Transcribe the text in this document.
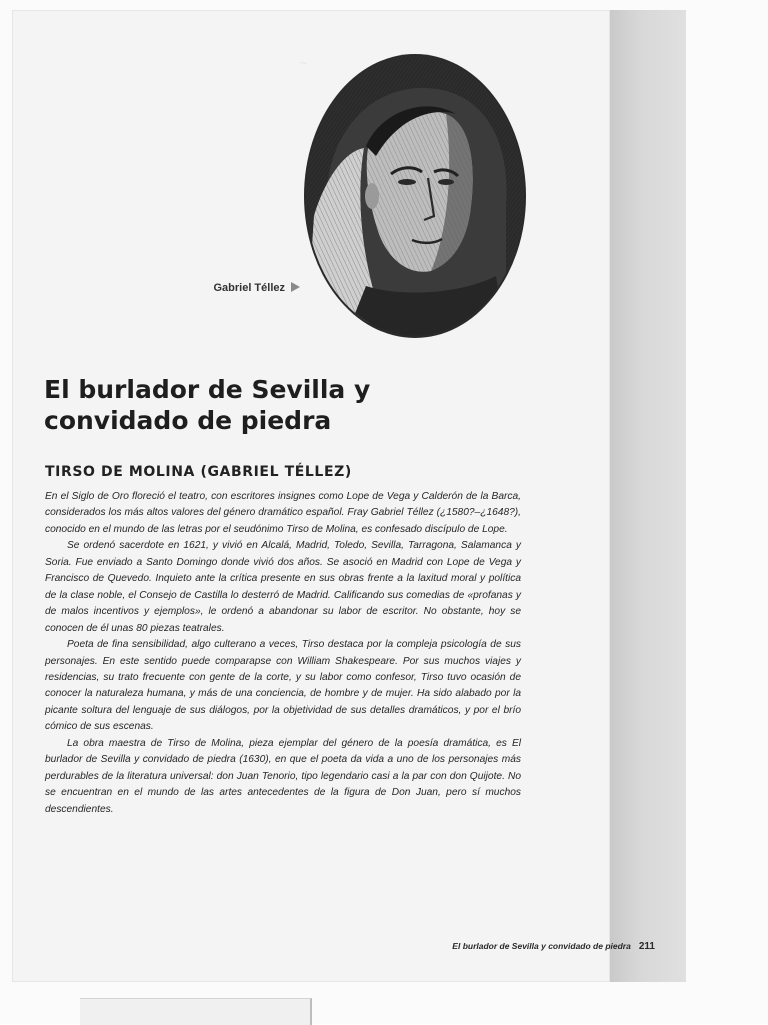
~
Gabriel Téllez
El burlador de Sevilla y
convidado de piedra
TIRSO DE MOLINA (GABRIEL TÉLLEZ)

En el Siglo de Oro floreció el teatro, con escritores insignes como Lope de Vega y Calderón de la Barca, considerados los más altos valores del género dramático español. Fray Gabriel Téllez (¿1580?–¿1648?), conocido en el mundo de las letras por el seudónimo Tirso de Molina, es confesado discípulo de Lope.

Se ordenó sacerdote en 1621, y vivió en Alcalá, Madrid, Toledo, Sevilla, Tarragona, Salamanca y Soria. Fue enviado a Santo Domingo donde vivió dos años. Se asoció en Madrid con Lope de Vega y Francisco de Quevedo. Inquieto ante la crítica presente en sus obras frente a la laxitud moral y política de la clase noble, el Consejo de Castilla lo desterró de Madrid. Calificando sus comedias de «profanas y de malos incentivos y ejemplos», le ordenó a abandonar su labor de escritor. No obstante, hoy se conocen de él unas 80 piezas teatrales.

Poeta de fina sensibilidad, algo culterano a veces, Tirso destaca por la compleja psicología de sus personajes. En este sentido puede comparарse con William Shakespeare. Por sus muchos viajes y residencias, su trato frecuente con gente de la corte, y su labor como confesor, Tirso tuvo ocasión de conocer la naturaleza humana, y más de una conciencia, de hombre y de mujer. Ha sido alabado por la picante soltura del lenguaje de sus diálogos, por la objetividad de sus detalles dramáticos, y por el brío cómico de sus escenas.

La obra maestra de Tirso de Molina, pieza ejemplar del género de la poesía dramática, es El burlador de Sevilla y convidado de piedra (1630), en que el poeta da vida a uno de los personajes más perdurables de la literatura universal: don Juan Tenorio, tipo legendario casi a la par con don Quijote. No se encuentran en el mundo de las artes antecedentes de la figura de Don Juan, pero sí muchos descendientes.

El burlador de Sevilla y convidado de piedra 211
